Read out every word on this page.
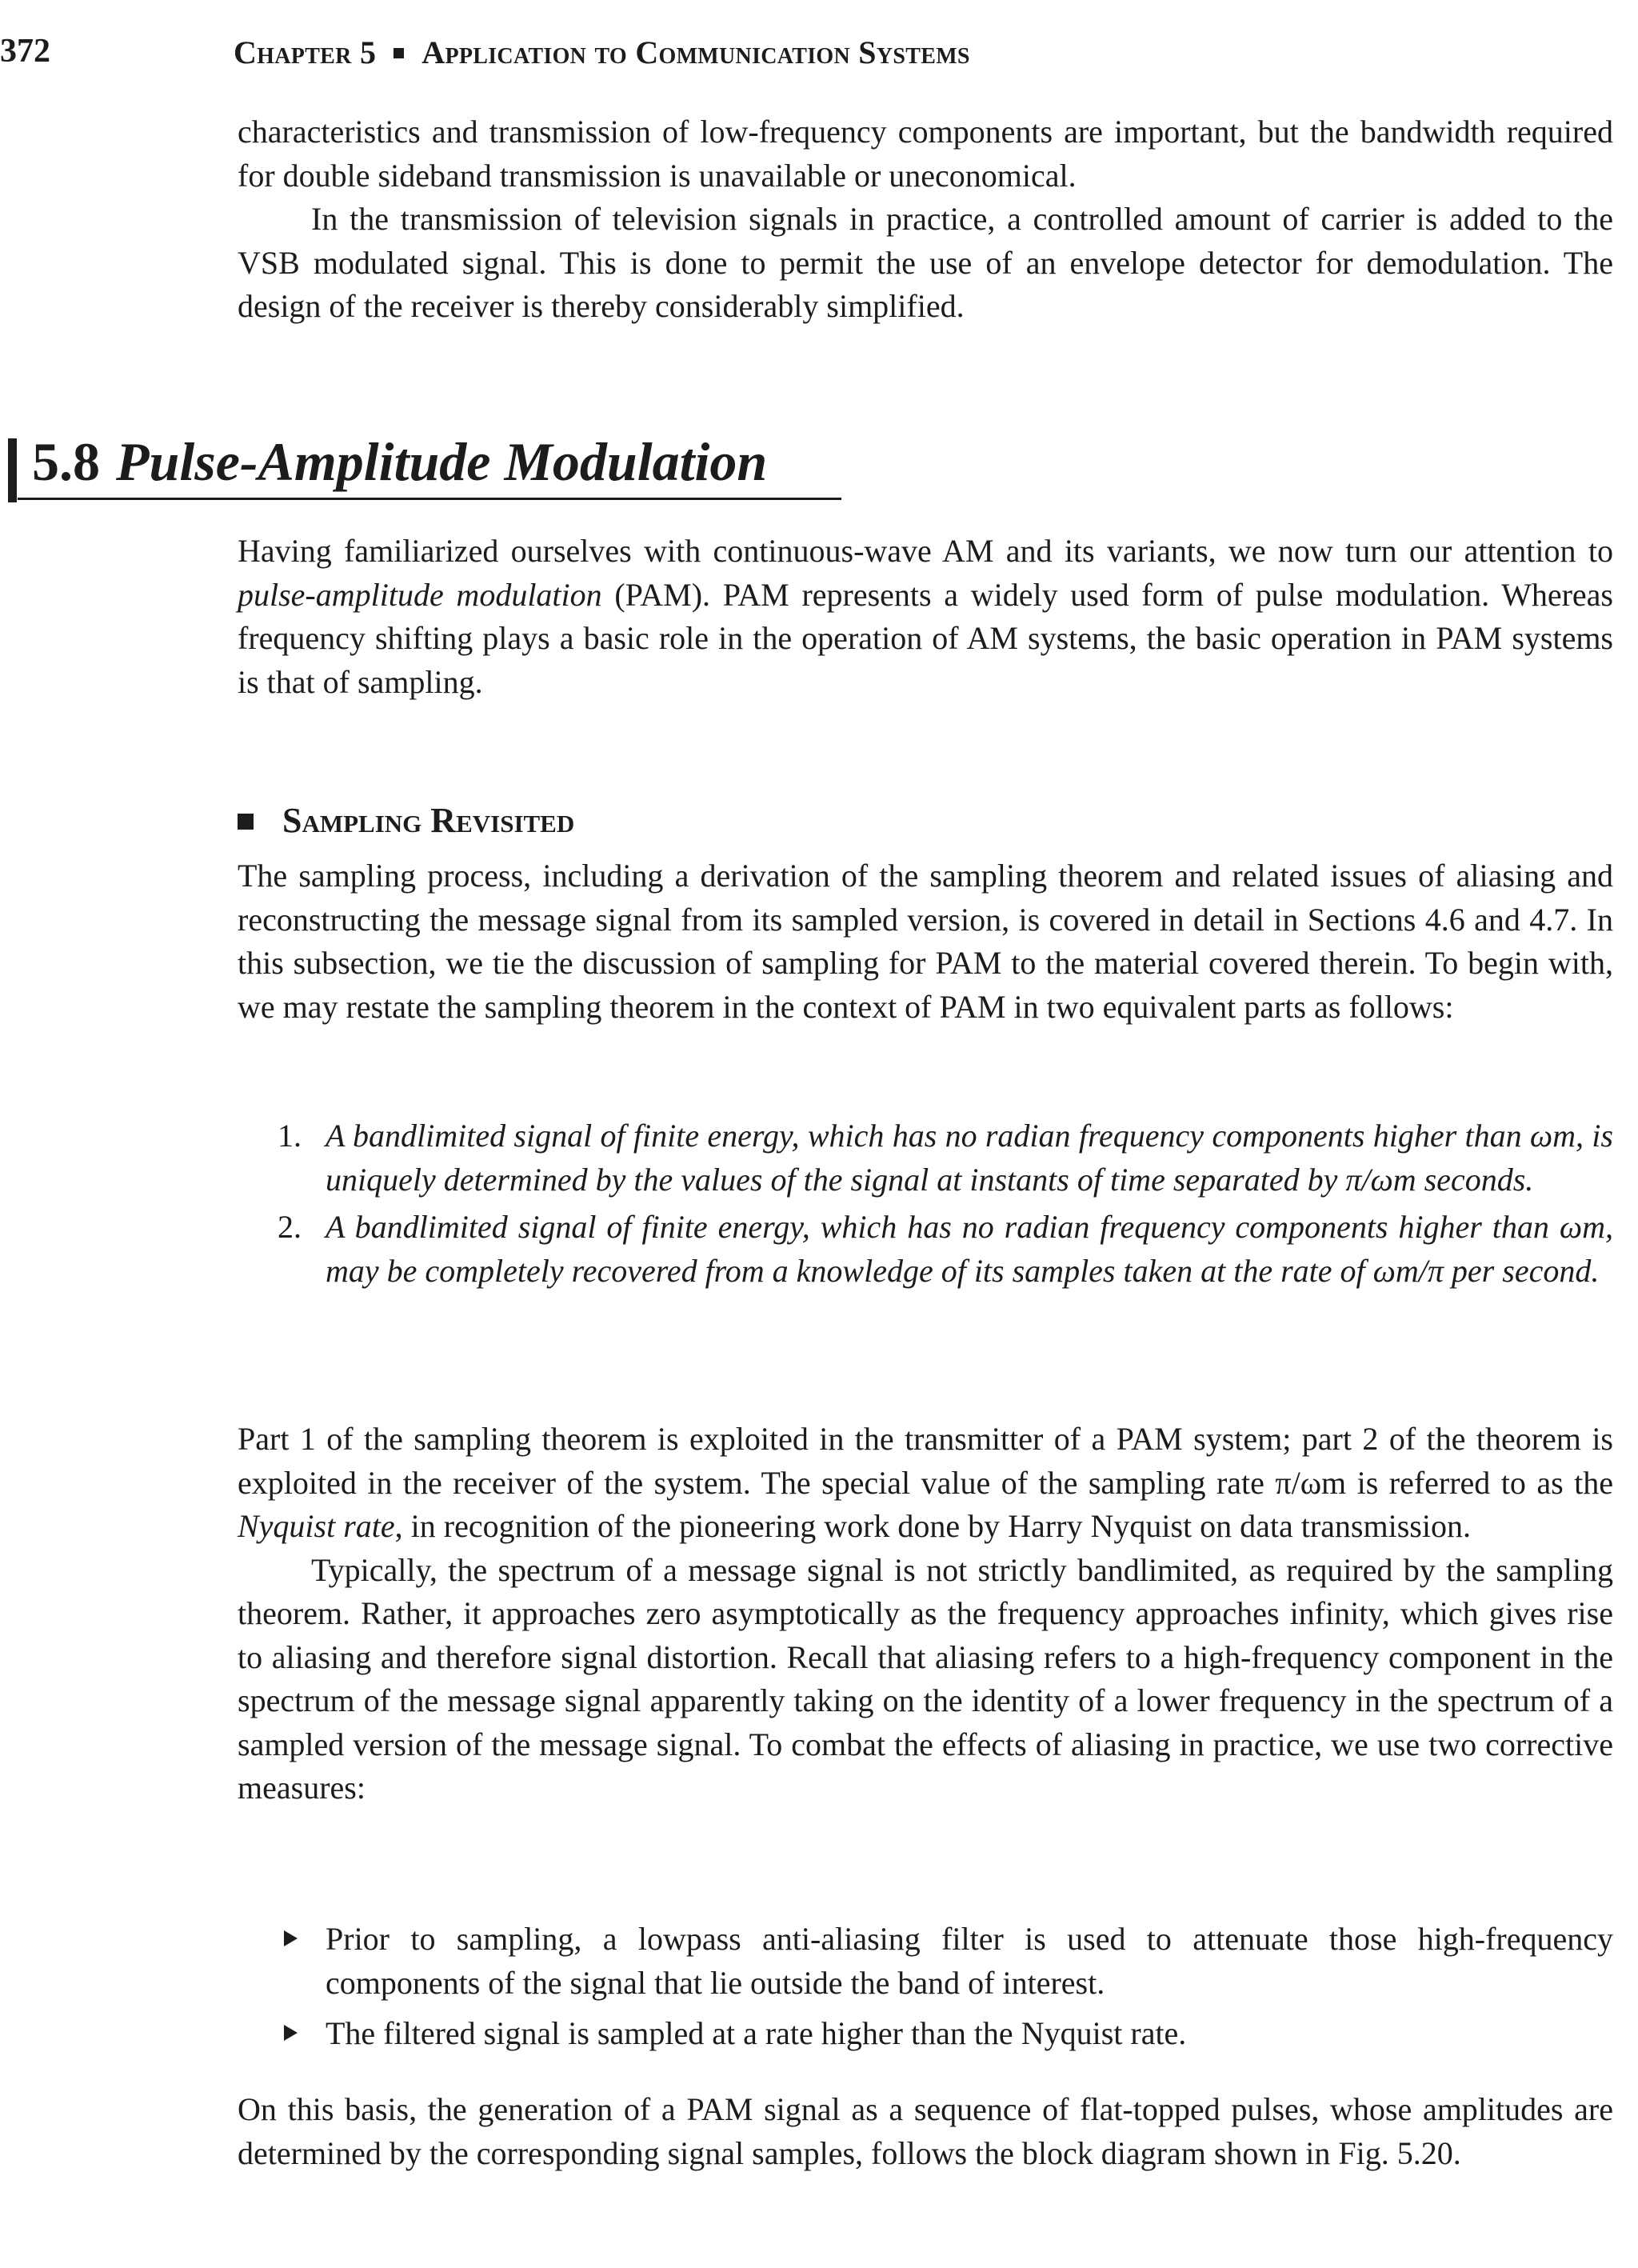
372	Chapter 5 Application to Communication Systems

characteristics and transmission of low-frequency components are important, but the bandwidth required for double sideband transmission is unavailable or uneconomical.

In the transmission of television signals in practice, a controlled amount of carrier is added to the VSB modulated signal. This is done to permit the use of an envelope detector for demodulation. The design of the receiver is thereby considerably simplified.

5.8 Pulse-Amplitude Modulation

Having familiarized ourselves with continuous-wave AM and its variants, we now turn our attention to pulse-amplitude modulation (PAM). PAM represents a widely used form of pulse modulation. Whereas frequency shifting plays a basic role in the operation of AM systems, the basic operation in PAM systems is that of sampling.

Sampling Revisited

The sampling process, including a derivation of the sampling theorem and related issues of aliasing and reconstructing the message signal from its sampled version, is covered in detail in Sections 4.6 and 4.7. In this subsection, we tie the discussion of sampling for PAM to the material covered therein. To begin with, we may restate the sampling theorem in the context of PAM in two equivalent parts as follows:

1. A bandlimited signal of finite energy, which has no radian frequency components higher than ωm, is uniquely determined by the values of the signal at instants of time separated by π/ωm seconds.

2. A bandlimited signal of finite energy, which has no radian frequency components higher than ωm, may be completely recovered from a knowledge of its samples taken at the rate of ωm/π per second.

Part 1 of the sampling theorem is exploited in the transmitter of a PAM system; part 2 of the theorem is exploited in the receiver of the system. The special value of the sampling rate π/ωm is referred to as the Nyquist rate, in recognition of the pioneering work done by Harry Nyquist on data transmission.

Typically, the spectrum of a message signal is not strictly bandlimited, as required by the sampling theorem. Rather, it approaches zero asymptotically as the frequency approaches infinity, which gives rise to aliasing and therefore signal distortion. Recall that aliasing refers to a high-frequency component in the spectrum of the message signal apparently taking on the identity of a lower frequency in the spectrum of a sampled version of the message signal. To combat the effects of aliasing in practice, we use two corrective measures:

Prior to sampling, a lowpass anti-aliasing filter is used to attenuate those high-frequency components of the signal that lie outside the band of interest.

The filtered signal is sampled at a rate higher than the Nyquist rate.

On this basis, the generation of a PAM signal as a sequence of flat-topped pulses, whose amplitudes are determined by the corresponding signal samples, follows the block diagram shown in Fig. 5.20.
